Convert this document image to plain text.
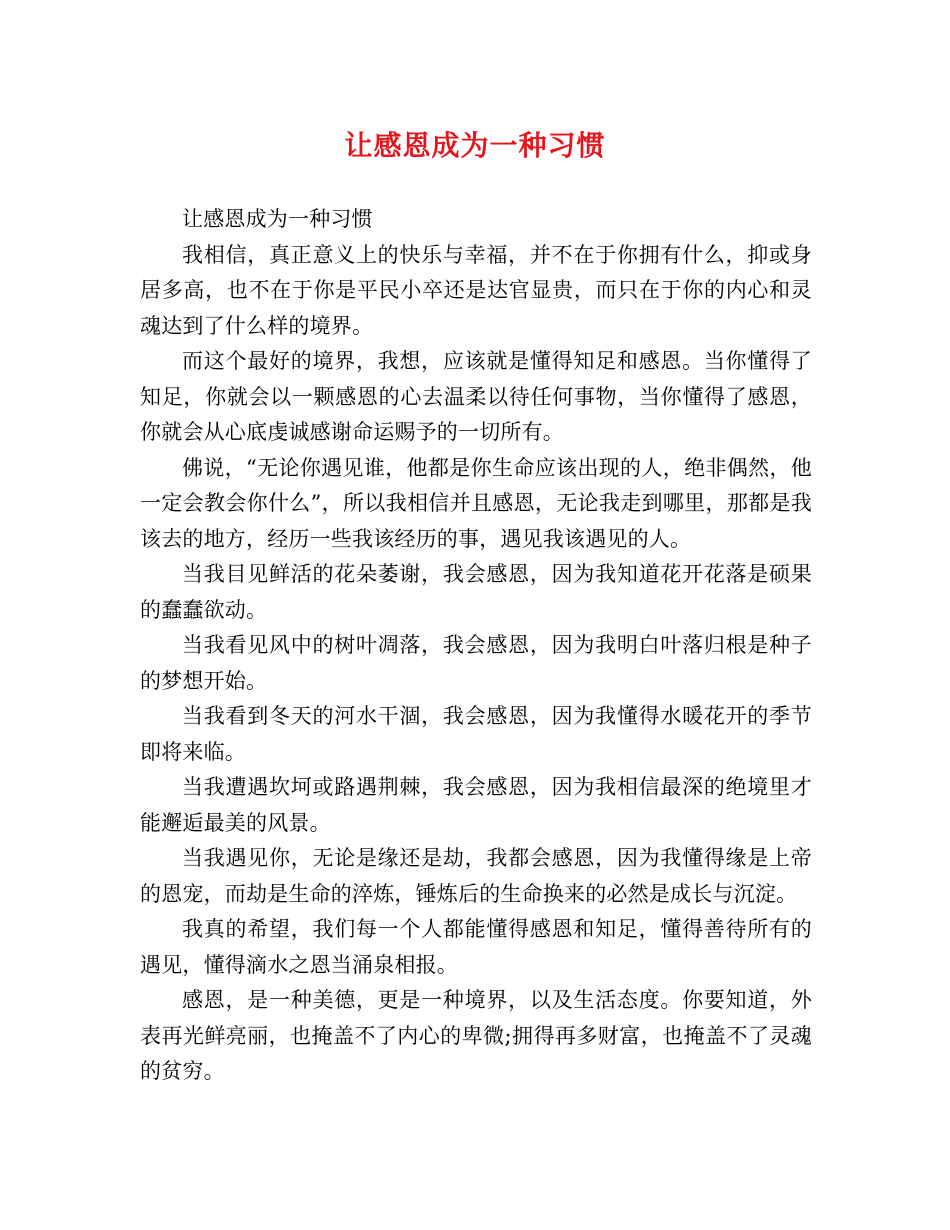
让感恩成为一种习惯

让感恩成为一种习惯

我相信，真正意义上的快乐与幸福，并不在于你拥有什么，抑或身居多高，也不在于你是平民小卒还是达官显贵，而只在于你的内心和灵魂达到了什么样的境界。

而这个最好的境界，我想，应该就是懂得知足和感恩。当你懂得了知足，你就会以一颗感恩的心去温柔以待任何事物，当你懂得了感恩，你就会从心底虔诚感谢命运赐予的一切所有。

佛说，“无论你遇见谁，他都是你生命应该出现的人，绝非偶然，他一定会教会你什么”，所以我相信并且感恩，无论我走到哪里，那都是我该去的地方，经历一些我该经历的事，遇见我该遇见的人。

当我目见鲜活的花朵萎谢，我会感恩，因为我知道花开花落是硕果的蠢蠢欲动。

当我看见风中的树叶凋落，我会感恩，因为我明白叶落归根是种子的梦想开始。

当我看到冬天的河水干涸，我会感恩，因为我懂得水暖花开的季节即将来临。

当我遭遇坎坷或路遇荆棘，我会感恩，因为我相信最深的绝境里才能邂逅最美的风景。

当我遇见你，无论是缘还是劫，我都会感恩，因为我懂得缘是上帝的恩宠，而劫是生命的淬炼，锤炼后的生命换来的必然是成长与沉淀。

我真的希望，我们每一个人都能懂得感恩和知足，懂得善待所有的遇见，懂得滴水之恩当涌泉相报。

感恩，是一种美德，更是一种境界，以及生活态度。你要知道，外表再光鲜亮丽，也掩盖不了内心的卑微;拥得再多财富，也掩盖不了灵魂的贫穷。
